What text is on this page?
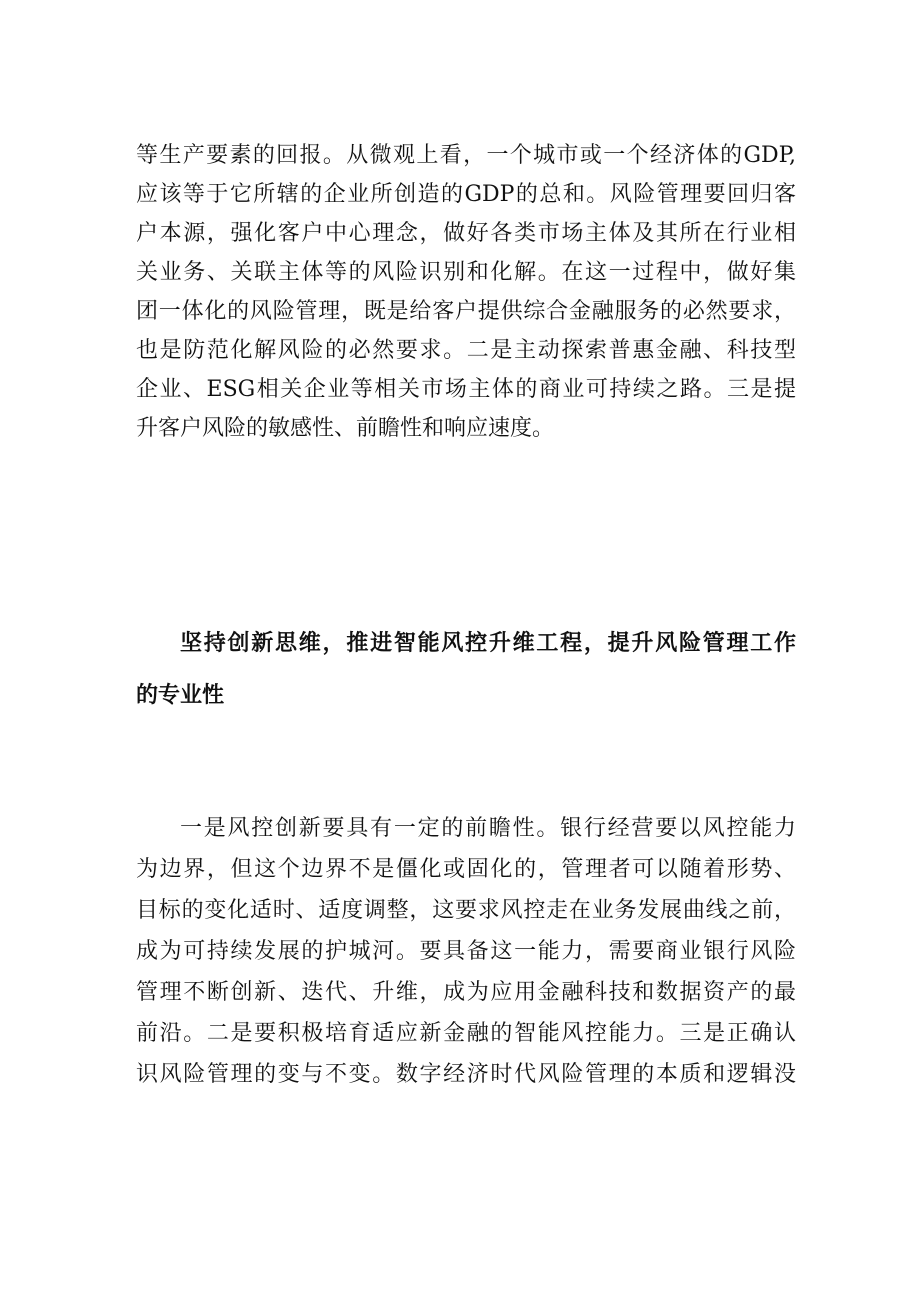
等生产要素的回报。从微观上看，一个城市或一个经济体的GDP,
应该等于它所辖的企业所创造的GDP的总和。风险管理要回归客
户本源，强化客户中心理念，做好各类市场主体及其所在行业相
关业务、关联主体等的风险识别和化解。在这一过程中，做好集
团一体化的风险管理，既是给客户提供综合金融服务的必然要求，
也是防范化解风险的必然要求。二是主动探索普惠金融、科技型
企业、ESG相关企业等相关市场主体的商业可持续之路。三是提
升客户风险的敏感性、前瞻性和响应速度。
坚持创新思维，推进智能风控升维工程，提升风险管理工作
的专业性
一是风控创新要具有一定的前瞻性。银行经营要以风控能力
为边界，但这个边界不是僵化或固化的，管理者可以随着形势、
目标的变化适时、适度调整，这要求风控走在业务发展曲线之前，
成为可持续发展的护城河。要具备这一能力，需要商业银行风险
管理不断创新、迭代、升维，成为应用金融科技和数据资产的最
前沿。二是要积极培育适应新金融的智能风控能力。三是正确认
识风险管理的变与不变。数字经济时代风险管理的本质和逻辑没
